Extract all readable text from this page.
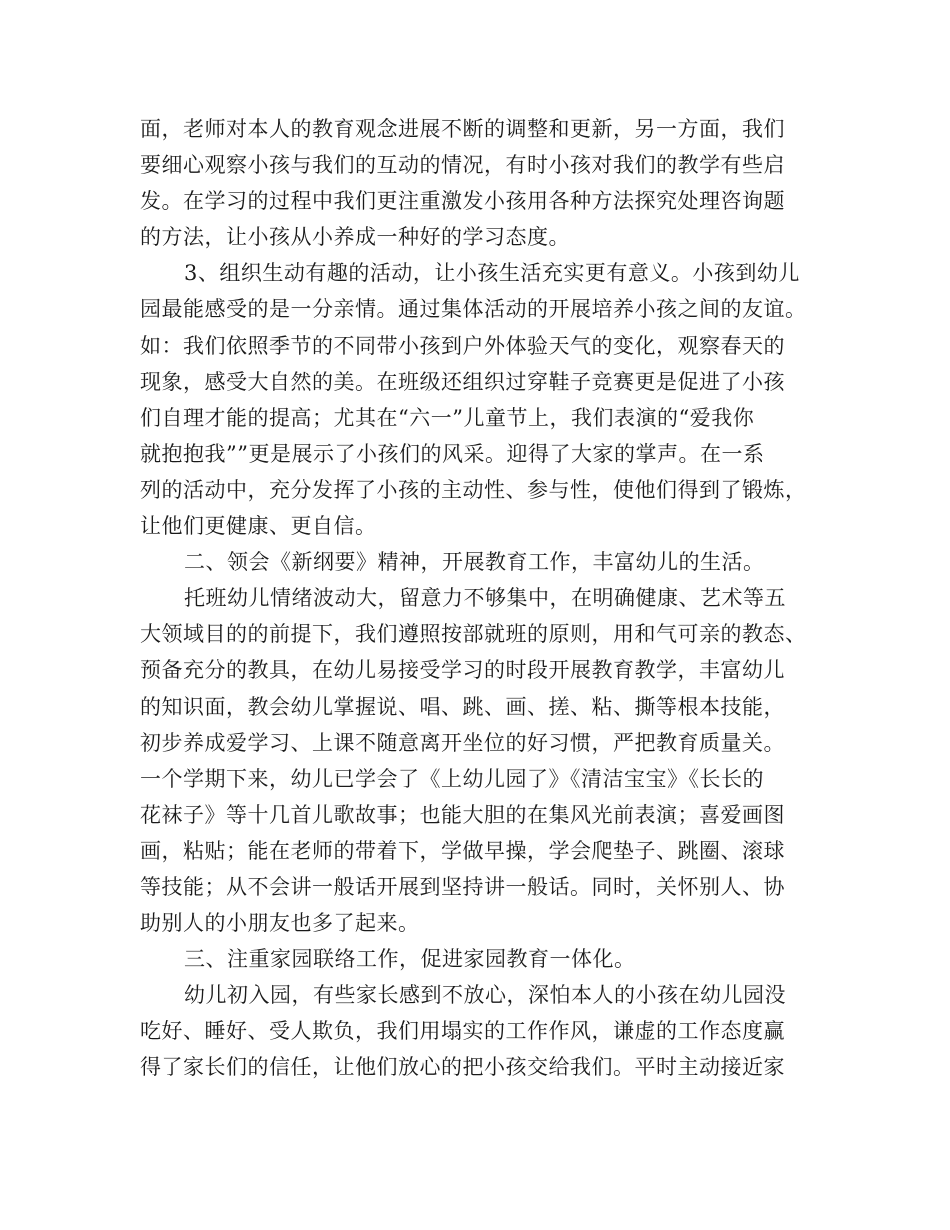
面，老师对本人的教育观念进展不断的调整和更新，另一方面，我们
要细心观察小孩与我们的互动的情况，有时小孩对我们的教学有些启
发。在学习的过程中我们更注重激发小孩用各种方法探究处理咨询题
的方法，让小孩从小养成一种好的学习态度。
3、组织生动有趣的活动，让小孩生活充实更有意义。小孩到幼儿
园最能感受的是一分亲情。通过集体活动的开展培养小孩之间的友谊。
如：我们依照季节的不同带小孩到户外体验天气的变化，观察春天的
现象，感受大自然的美。在班级还组织过穿鞋子竞赛更是促进了小孩
们自理才能的提高；尤其在“六一”儿童节上，我们表演的“爱我你
就抱抱我””更是展示了小孩们的风采。迎得了大家的掌声。在一系
列的活动中，充分发挥了小孩的主动性、参与性，使他们得到了锻炼，
让他们更健康、更自信。
二、领会《新纲要》精神，开展教育工作，丰富幼儿的生活。
托班幼儿情绪波动大，留意力不够集中，在明确健康、艺术等五
大领域目的的前提下，我们遵照按部就班的原则，用和气可亲的教态、
预备充分的教具，在幼儿易接受学习的时段开展教育教学，丰富幼儿
的知识面，教会幼儿掌握说、唱、跳、画、搓、粘、撕等根本技能，
初步养成爱学习、上课不随意离开坐位的好习惯，严把教育质量关。
一个学期下来，幼儿已学会了《上幼儿园了》《清洁宝宝》《长长的
花袜子》等十几首儿歌故事；也能大胆的在集风光前表演；喜爱画图
画，粘贴；能在老师的带着下，学做早操，学会爬垫子、跳圈、滚球
等技能；从不会讲一般话开展到坚持讲一般话。同时，关怀别人、协
助别人的小朋友也多了起来。
三、注重家园联络工作，促进家园教育一体化。
幼儿初入园，有些家长感到不放心，深怕本人的小孩在幼儿园没
吃好、睡好、受人欺负，我们用塌实的工作作风，谦虚的工作态度赢
得了家长们的信任，让他们放心的把小孩交给我们。平时主动接近家
